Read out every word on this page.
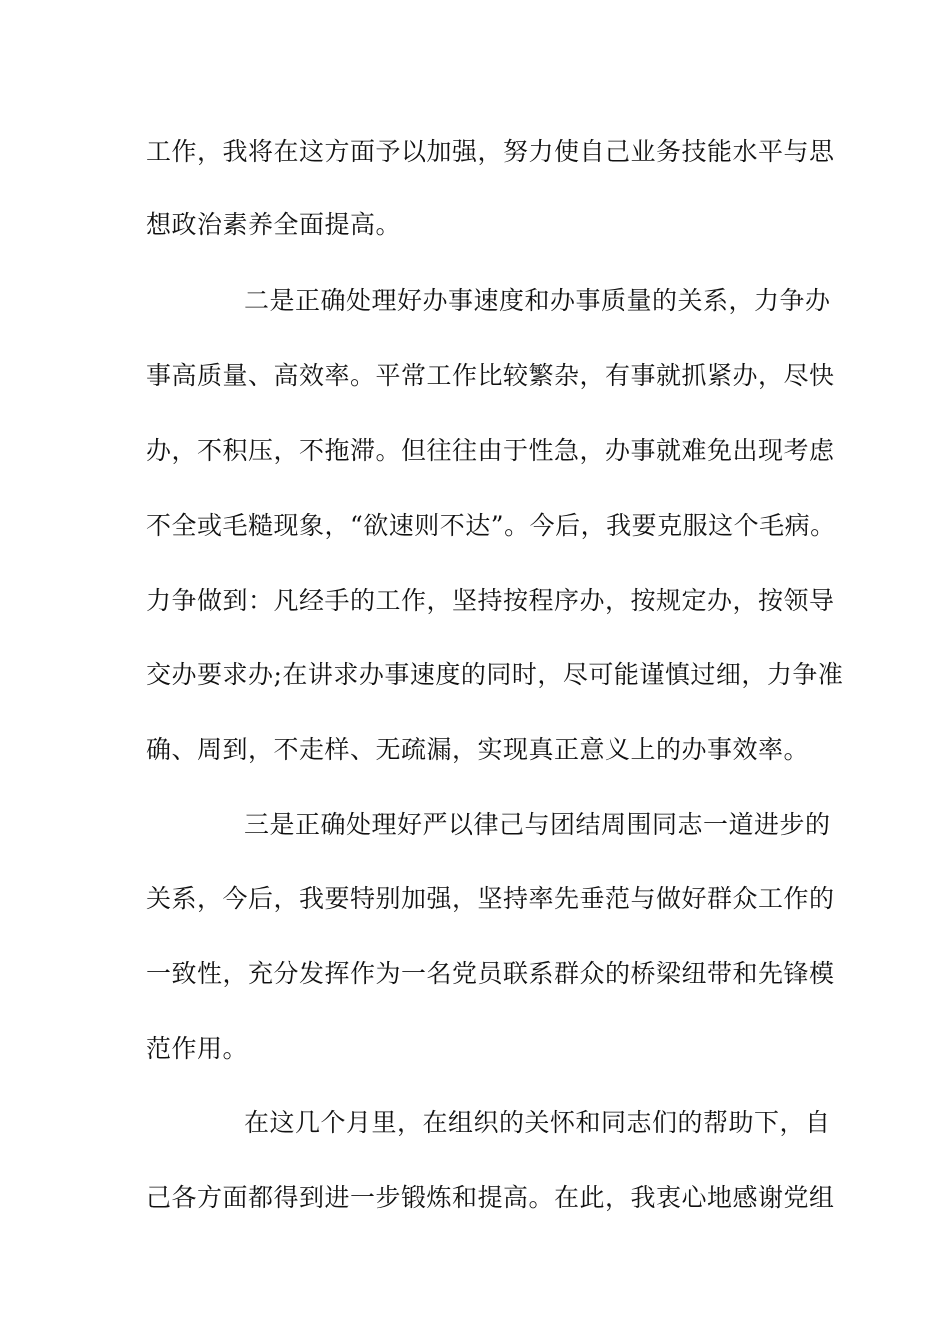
工作，我将在这方面予以加强，努力使自己业务技能水平与思

想政治素养全面提高。

二是正确处理好办事速度和办事质量的关系，力争办

事高质量、高效率。平常工作比较繁杂，有事就抓紧办，尽快

办，不积压，不拖滞。但往往由于性急，办事就难免出现考虑

不全或毛糙现象，“欲速则不达”。今后，我要克服这个毛病。

力争做到：凡经手的工作，坚持按程序办，按规定办，按领导

交办要求办;在讲求办事速度的同时，尽可能谨慎过细，力争准

确、周到，不走样、无疏漏，实现真正意义上的办事效率。

三是正确处理好严以律己与团结周围同志一道进步的

关系，今后，我要特别加强，坚持率先垂范与做好群众工作的

一致性，充分发挥作为一名党员联系群众的桥梁纽带和先锋模

范作用。

在这几个月里，在组织的关怀和同志们的帮助下，自

己各方面都得到进一步锻炼和提高。在此，我衷心地感谢党组
